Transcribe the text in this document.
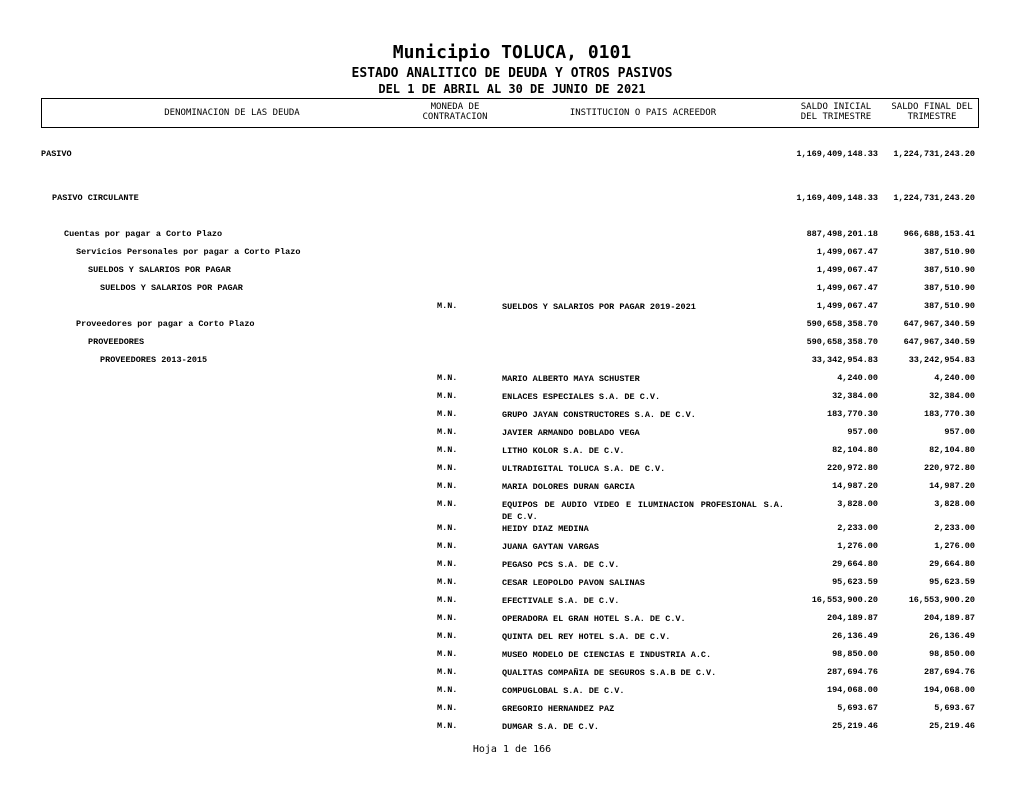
Municipio TOLUCA, 0101
ESTADO ANALITICO DE DEUDA Y OTROS PASIVOS
DEL 1 DE ABRIL AL 30 DE JUNIO DE 2021
DENOMINACION DE LAS DEUDA
MONEDA DE
CONTRATACION	INSTITUCION O PAIS ACREEDOR
SALDO INICIAL
DEL TRIMESTRE
SALDO FINAL DEL
TRIMESTRE
PASIVO	1,169,409,148.33 1,224,731,243.20
PASIVO CIRCULANTE	1,169,409,148.33 1,224,731,243.20
Cuentas por pagar a Corto Plazo	887,498,201.18	966,688,153.41
Servicios Personales por pagar a Corto Plazo	1,499,067.47	387,510.90
SUELDOS Y SALARIOS POR PAGAR	1,499,067.47	387,510.90
SUELDOS Y SALARIOS POR PAGAR	1,499,067.47	387,510.90
M.N.	SUELDOS Y SALARIOS POR PAGAR 2019-2021	1,499,067.47	387,510.90
Proveedores por pagar a Corto Plazo	590,658,358.70	647,967,340.59
PROVEEDORES	590,658,358.70	647,967,340.59
PROVEEDORES 2013-2015	33,342,954.83	33,242,954.83
M.N.	MARIO ALBERTO MAYA SCHUSTER	4,240.00	4,240.00
M.N.	ENLACES ESPECIALES S.A. DE C.V.	32,384.00	32,384.00
M.N.	GRUPO JAYAN CONSTRUCTORES S.A. DE C.V.	183,770.30	183,770.30
M.N.	JAVIER ARMANDO DOBLADO VEGA	957.00	957.00
M.N.	LITHO KOLOR S.A. DE C.V.	82,104.80	82,104.80
M.N.	ULTRADIGITAL TOLUCA S.A. DE C.V.	220,972.80	220,972.80
M.N.	MARIA DOLORES DURAN GARCIA	14,987.20	14,987.20
M.N.	EQUIPOS DE AUDIO VIDEO E ILUMINACION PROFESIONAL S.A. DE C.V.
3,828.00	3,828.00
M.N.	HEIDY DIAZ MEDINA	2,233.00	2,233.00
M.N.	JUANA GAYTAN VARGAS	1,276.00	1,276.00
M.N.	PEGASO PCS S.A. DE C.V.	29,664.80	29,664.80
M.N.	CESAR LEOPOLDO PAVON SALINAS	95,623.59	95,623.59
M.N.	EFECTIVALE S.A. DE C.V.	16,553,900.20	16,553,900.20
M.N.	OPERADORA EL GRAN HOTEL S.A. DE C.V.	204,189.87	204,189.87
M.N.	QUINTA DEL REY HOTEL S.A. DE C.V.	26,136.49	26,136.49
M.N.	MUSEO MODELO DE CIENCIAS E INDUSTRIA A.C.	98,850.00	98,850.00
M.N.	QUALITAS COMPAÑIA DE SEGUROS S.A.B DE C.V.	287,694.76	287,694.76
M.N.	COMPUGLOBAL S.A. DE C.V.	194,068.00	194,068.00
M.N.	GREGORIO HERNANDEZ PAZ	5,693.67	5,693.67
M.N.	DUMGAR S.A. DE C.V.	25,219.46	25,219.46
Hoja 1 de 166
